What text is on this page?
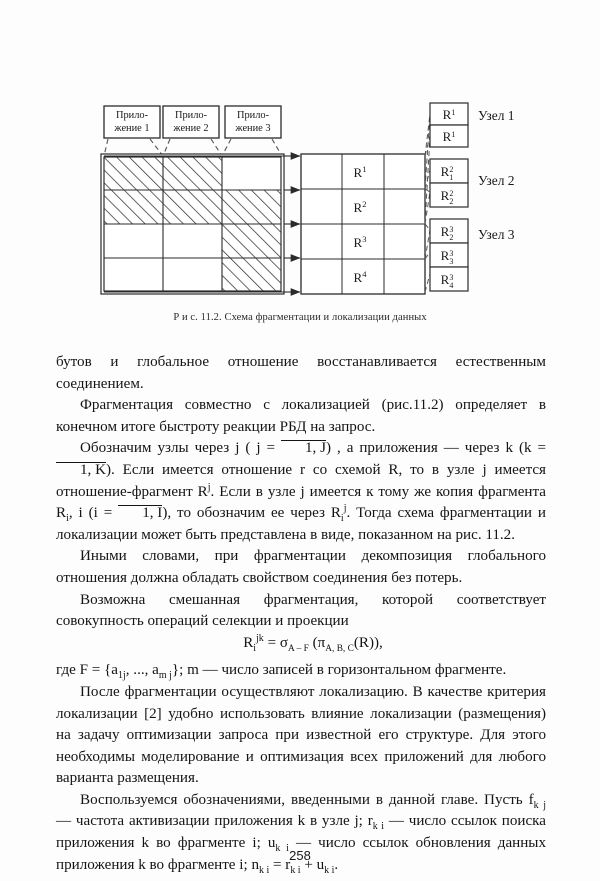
Прило-
жение 1
Прило-
жение 2
Прило-
жение 3
$R^1$
$R^2$
$R^3$
$R^4$
$R^1$
$R^1$
Узел 1
$R^2$ 1
$R^2$ 2
Узел 2
$R^3$ 2
$R^3$ 3
$R^3$ 4
Узел 3
Р и с. 11.2. Схема фрагментации и локализации данных

бутов и глобальное отношение восстанавливается естественным соединением.

Фрагментация совместно с локализацией (рис.11.2) определяет в конечном итоге быстроту реакции РБД на запрос.

Обозначим узлы через j ( j = 1, J) , а приложения — через k (k = 1, K). Если имеется отношение r со схемой R, то в узле j имеется отношение-фрагмент $R^j$. Если в узле j имеется к тому же копия фрагмента $R_i$, i (i = 1, I), то обозначим ее через $R_i^j$. Тогда схема фрагментации и локализации может быть представлена в виде, показанном на рис. 11.2.

Иными словами, при фрагментации декомпозиция глобального отношения должна обладать свойством соединения без потерь.

Возможна смешанная фрагментация, которой соответствует совокупность операций селекции и проекции

$R_i^{jk} = \sigma_{A - F}$ $(\pi_{A, B, C}(R))$,

где $F = \{a_{1j}$, ..., $a_{m j}$}; m — число записей в горизонтальном фрагменте.

После фрагментации осуществляют локализацию. В качестве критерия локализации [2] удобно использовать влияние локализации (размещения) на задачу оптимизации запроса при известной его структуре. Для этого необходимы моделирование и оптимизация всех приложений для любого варианта размещения.

Воспользуемся обозначениями, введенными в данной главе. Пусть $f_{k j}$ — частота активизации приложения k в узле j; $r_{k i}$ — число ссылок поиска приложения k во фрагменте i; $u_{k i}$ — число ссылок обновления данных приложения k во фрагменте i; $n_{k i} = r_{k i} + u_{k i}$.

258
